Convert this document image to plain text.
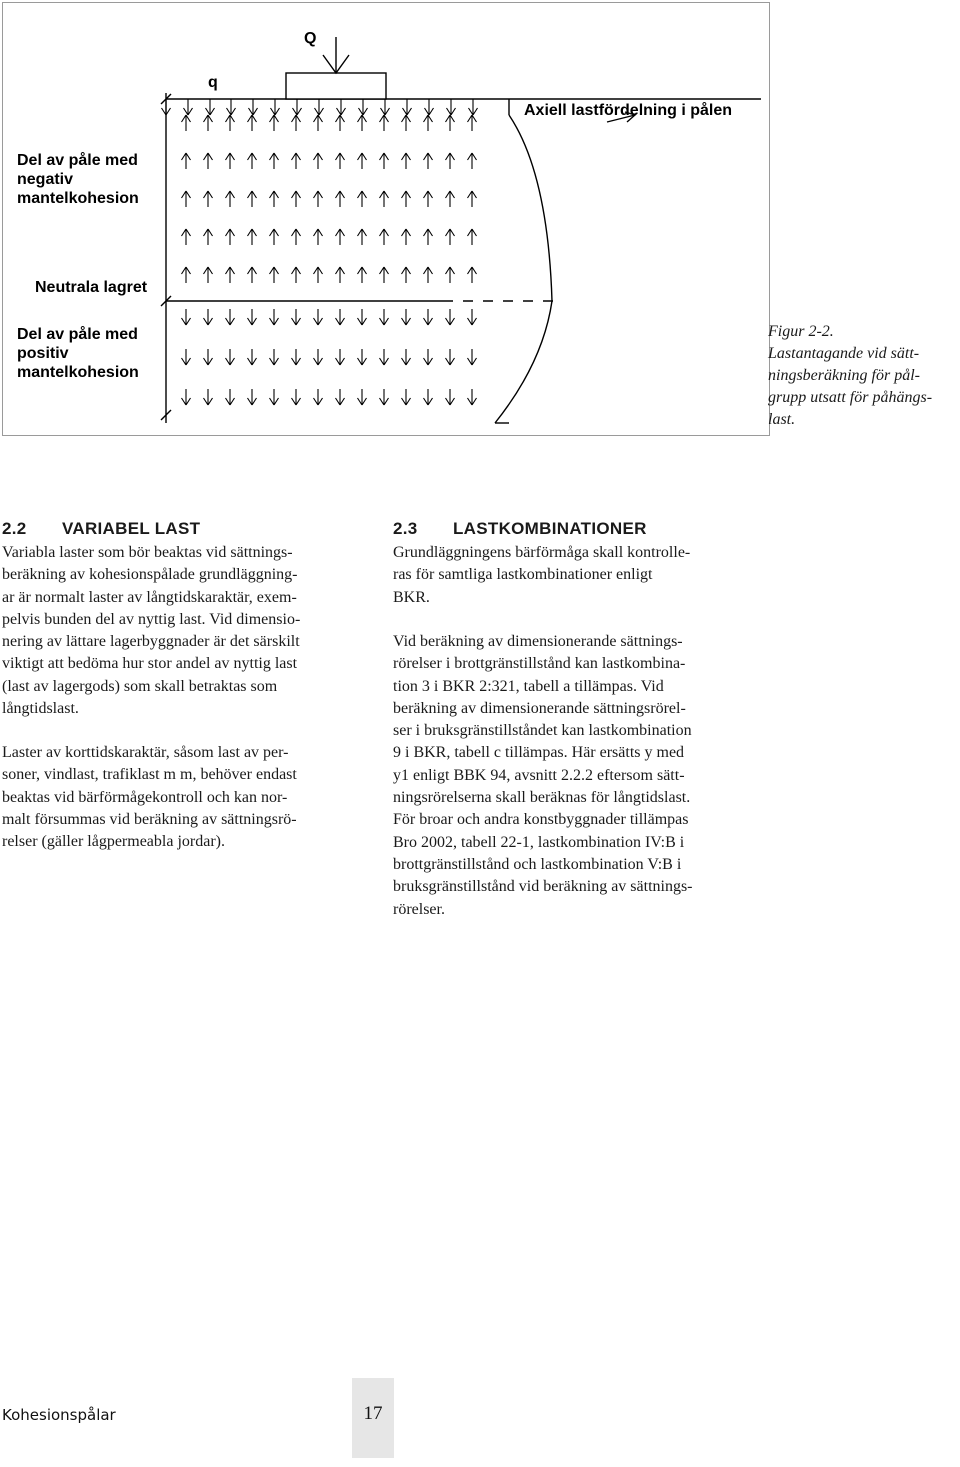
Q
q
Axiell lastfördelning i pålen
Del av påle med
negativ
mantelkohesion
Neutrala lagret
Del av påle med
positiv
mantelkohesion
Figur 2-2.
Lastantagande vid sätt-
ningsberäkning för pål-
grupp utsatt för påhängs-
last.
2.2 VARIABEL LAST
Variabla laster som bör beaktas vid sättnings-
beräkning av kohesionspålade grundläggning-
ar är normalt laster av långtidskaraktär, exem-
pelvis bunden del av nyttig last. Vid dimensio-
nering av lättare lagerbyggnader är det särskilt
viktigt att bedöma hur stor andel av nyttig last
(last av lagergods) som skall betraktas som
långtidslast.
Laster av korttidskaraktär, såsom last av per-
soner, vindlast, trafiklast m m, behöver endast
beaktas vid bärförmågekontroll och kan nor-
malt försummas vid beräkning av sättningsrö-
relser (gäller lågpermeabla jordar).
2.3 LASTKOMBINATIONER
Grundläggningens bärförmåga skall kontrolle-
ras för samtliga lastkombinationer enligt
BKR.
Vid beräkning av dimensionerande sättnings-
rörelser i brottgränstillstånd kan lastkombina-
tion 3 i BKR 2:321, tabell a tillämpas. Vid
beräkning av dimensionerande sättningsrörel-
ser i bruksgränstillståndet kan lastkombination
9 i BKR, tabell c tillämpas. Här ersätts y med
y1 enligt BBK 94, avsnitt 2.2.2 eftersom sätt-
ningsrörelserna skall beräknas för långtidslast.
För broar och andra konstbyggnader tillämpas
Bro 2002, tabell 22-1, lastkombination IV:B i
brottgränstillstånd och lastkombination V:B i
bruksgränstillstånd vid beräkning av sättnings-
rörelser.
Kohesionspålar	17
